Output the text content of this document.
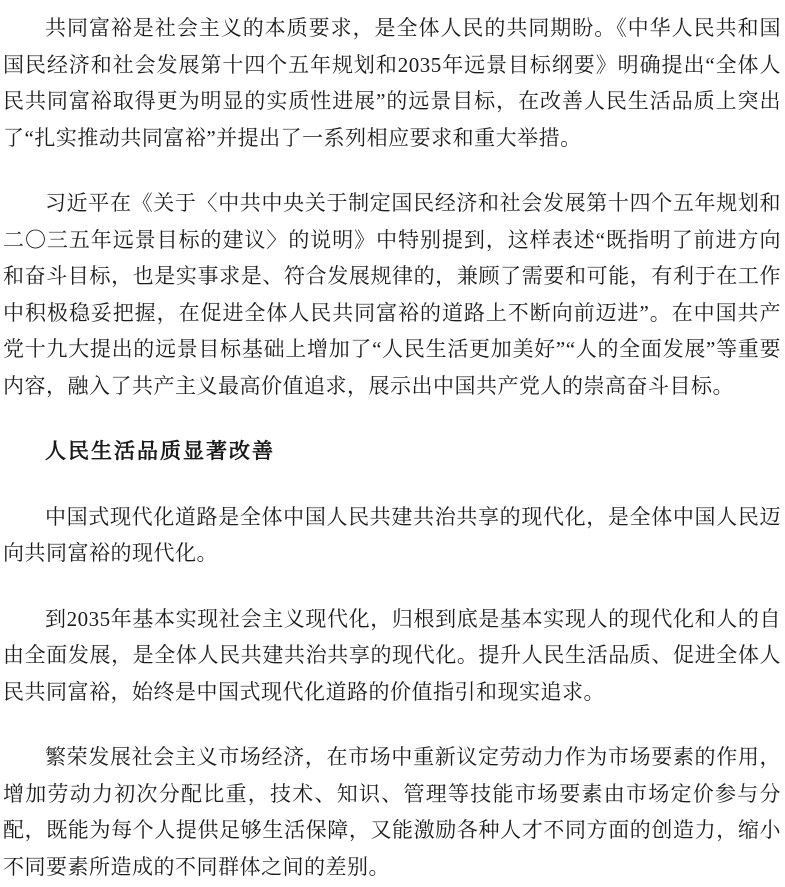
共同富裕是社会主义的本质要求，是全体人民的共同期盼。《中华人民共和国国民经济和社会发展第十四个五年规划和2035年远景目标纲要》明确提出“全体人民共同富裕取得更为明显的实质性进展”的远景目标，在改善人民生活品质上突出了“扎实推动共同富裕”并提出了一系列相应要求和重大举措。

习近平在《关于〈中共中央关于制定国民经济和社会发展第十四个五年规划和二〇三五年远景目标的建议〉的说明》中特别提到，这样表述“既指明了前进方向和奋斗目标，也是实事求是、符合发展规律的，兼顾了需要和可能，有利于在工作中积极稳妥把握，在促进全体人民共同富裕的道路上不断向前迈进”。在中国共产党十九大提出的远景目标基础上增加了“人民生活更加美好”“人的全面发展”等重要内容，融入了共产主义最高价值追求，展示出中国共产党人的崇高奋斗目标。

人民生活品质显著改善

中国式现代化道路是全体中国人民共建共治共享的现代化，是全体中国人民迈向共同富裕的现代化。

到2035年基本实现社会主义现代化，归根到底是基本实现人的现代化和人的自由全面发展，是全体人民共建共治共享的现代化。提升人民生活品质、促进全体人民共同富裕，始终是中国式现代化道路的价值指引和现实追求。

繁荣发展社会主义市场经济，在市场中重新议定劳动力作为市场要素的作用，增加劳动力初次分配比重，技术、知识、管理等技能市场要素由市场定价参与分配，既能为每个人提供足够生活保障，又能激励各种人才不同方面的创造力，缩小不同要素所造成的不同群体之间的差别。
